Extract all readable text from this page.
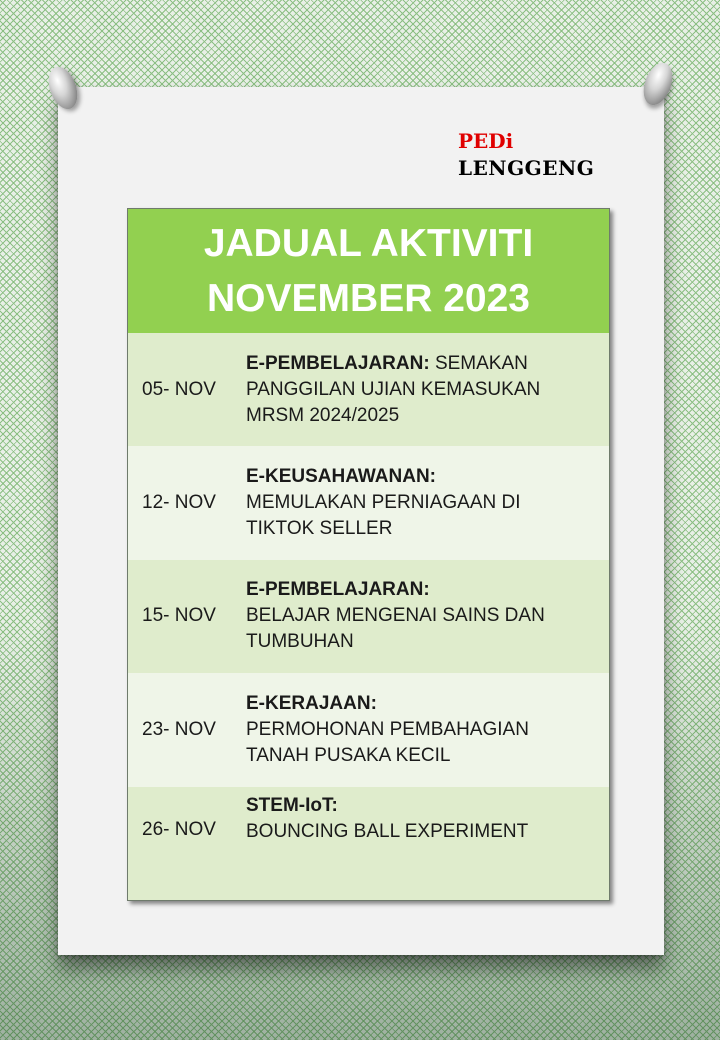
PEDi
LENGGENG
JADUAL AKTIVITI
NOVEMBER 2023
05- NOV
E-PEMBELAJARAN: SEMAKAN
PANGGILAN UJIAN KEMASUKAN
MRSM 2024/2025
12- NOV
E-KEUSAHAWANAN:
MEMULAKAN PERNIAGAAN DI
TIKTOK SELLER
15- NOV
E-PEMBELAJARAN:
BELAJAR MENGENAI SAINS DAN
TUMBUHAN
23- NOV
E-KERAJAAN:
PERMOHONAN PEMBAHAGIAN
TANAH PUSAKA KECIL
26- NOV
STEM-IoT:
BOUNCING BALL EXPERIMENT
